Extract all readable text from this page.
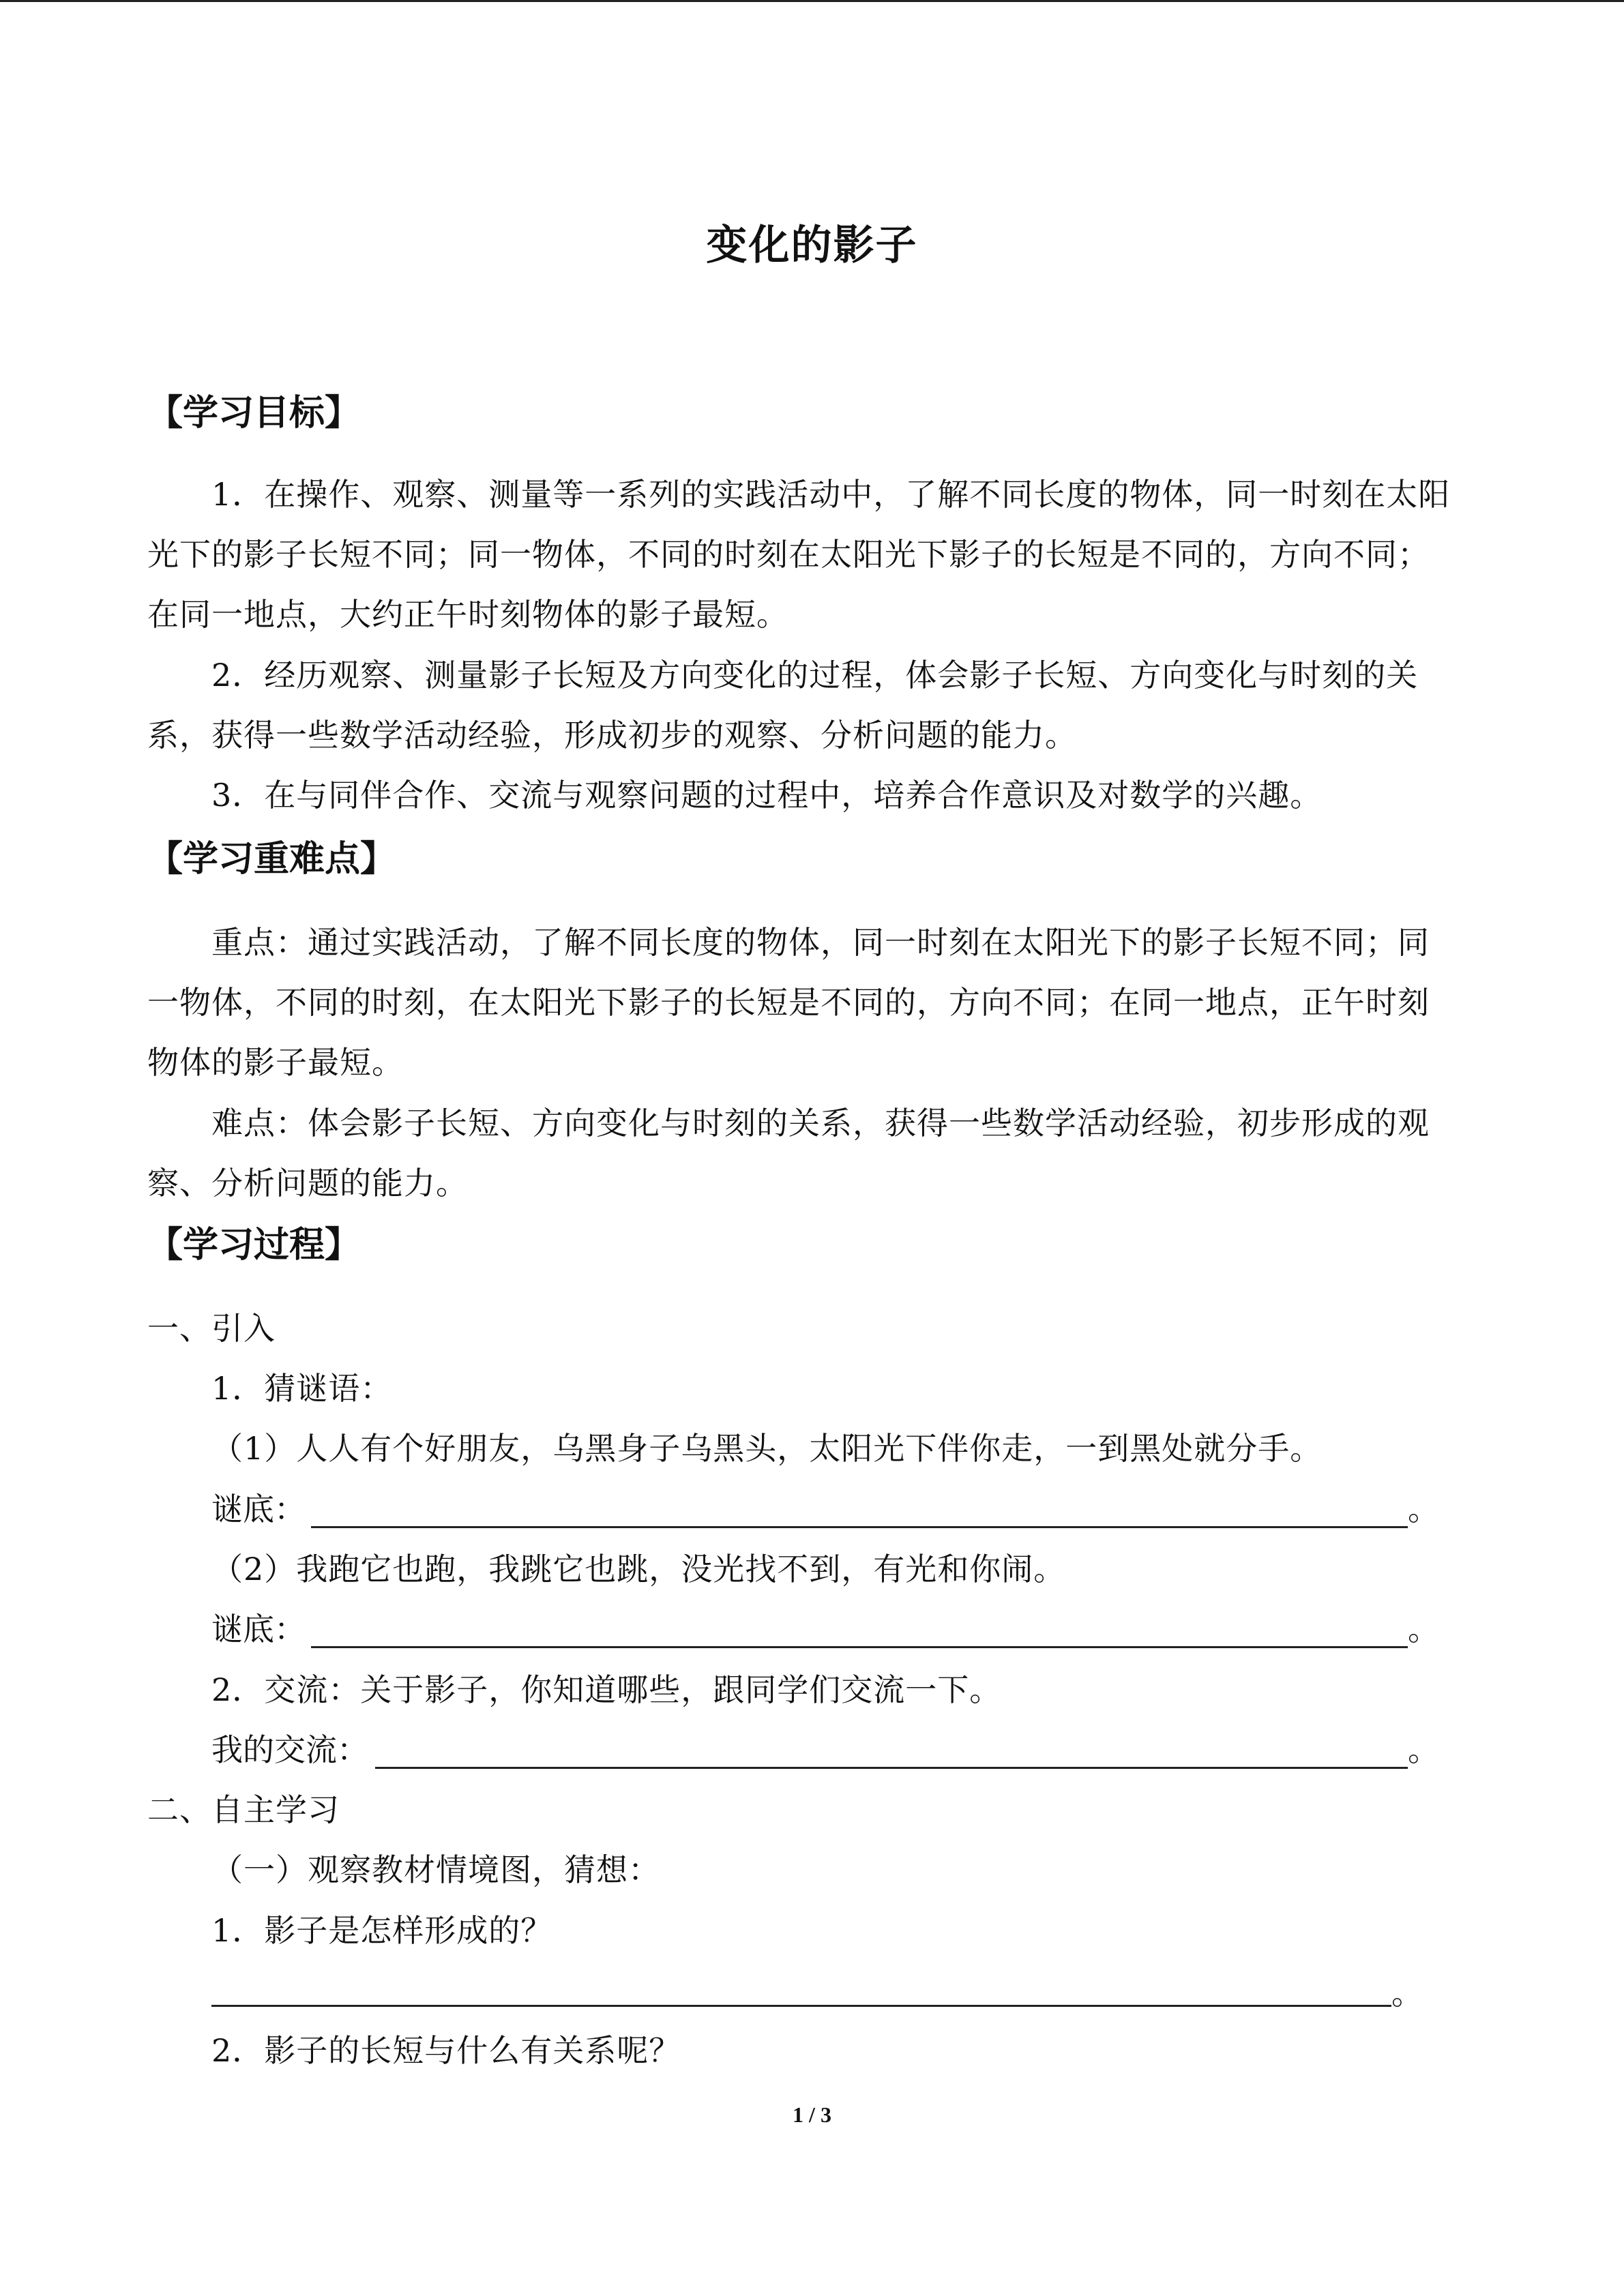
变化的影子
【学习目标】
1．在操作、观察、测量等一系列的实践活动中，了解不同长度的物体，同一时刻在太阳
光下的影子长短不同；同一物体，不同的时刻在太阳光下影子的长短是不同的，方向不同；
在同一地点，大约正午时刻物体的影子最短。
2．经历观察、测量影子长短及方向变化的过程，体会影子长短、方向变化与时刻的关
系，获得一些数学活动经验，形成初步的观察、分析问题的能力。
3．在与同伴合作、交流与观察问题的过程中，培养合作意识及对数学的兴趣。
【学习重难点】
重点：通过实践活动，了解不同长度的物体，同一时刻在太阳光下的影子长短不同；同
一物体，不同的时刻，在太阳光下影子的长短是不同的，方向不同；在同一地点，正午时刻
物体的影子最短。
难点：体会影子长短、方向变化与时刻的关系，获得一些数学活动经验，初步形成的观
察、分析问题的能力。
【学习过程】
一、引入
1．猜谜语：
（1）人人有个好朋友，乌黑身子乌黑头，太阳光下伴你走，一到黑处就分手。
谜底：	。
（2）我跑它也跑，我跳它也跳，没光找不到，有光和你闹。
谜底：	。
2．交流：关于影子，你知道哪些，跟同学们交流一下。
我的交流：	。
二、自主学习
（一）观察教材情境图，猜想：
1．影子是怎样形成的？
。
2．影子的长短与什么有关系呢？
1 / 3
